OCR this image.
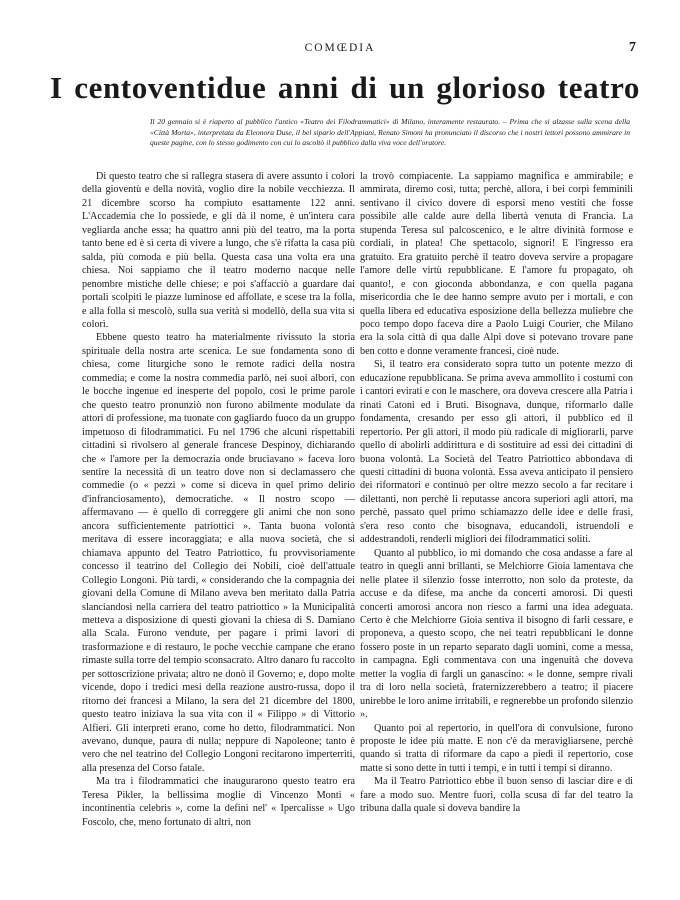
COMŒDIA	7
I centoventidue anni di un glorioso teatro

Il 20 gennaio si è riaperto al pubblico l'antico «Teatro dei Filodrammatici» di Milano, interamente restaurato. – Prima che si alzasse sulla scena della «Città Morta», interpretata da Eleonora Duse, il bel sipario dell'Appiani, Renato Simoni ha pronunciato il discorso che i nostri lettori possono ammirare in queste pagine, con lo stesso godimento con cui lo ascoltò il pubblico dalla viva voce dell'oratore.

Di questo teatro che si rallegra stasera di avere assunto i colori della gioventù e della novità, voglio dire la nobile vecchiezza. Il 21 dicembre scorso ha compiuto esattamente 122 anni. L'Accademia che lo possiede, e gli dà il nome, è un'ìntera cara vegliarda anche essa; ha quattro anni più del teatro, ma la porta tanto bene ed è sì certa di vivere a lungo, che s'è rifatta la casa più salda, più comoda e più bella. Questa casa una volta era una chiesa. Noi sappiamo che il teatro moderno nacque nelle penombre mistiche delle chiese; e poi s'affacciò a guardare dai portali scolpiti le piazze luminose ed affollate, e scese tra la folla, e alla folla si mescolò, sulla sua verità si modellò, della sua vita si colorì.

Ebbene questo teatro ha materialmente rivissuto la storia spirituale della nostra arte scenica. Le sue fondamenta sono di chiesa, come liturgiche sono le remote radici della nostra commedia; e come la nostra commedia parlò, nei suoi albori, con le bocche ingenue ed inesperte del popolo, così le prime parole che questo teatro pronunziò non furono abilmente modulate da attori di professione, ma tuonate con gagliardo fuoco da un gruppo impetuoso di filodrammatici. Fu nel 1796 che alcuni rispettabili cittadini si rivolsero al generale francese Despinoy, dichiarando che « l'amore per la democrazia onde bruciavano » faceva loro sentire la necessità di un teatro dove non si declamassero che commedie (o « pezzi » come si diceva in quel primo delirio d'infranciosamento), democratiche. « Il nostro scopo — affermavano — è quello di correggere gli animi che non sono ancora sufficientemente patriottici ». Tanta buona volontà meritava di essere incoraggiata; e alla nuova società, che si chiamava appunto del Teatro Patriottico, fu provvisoriamente concesso il teatrino del Collegio dei Nobili, cioè dell'attuale Collegio Longoni. Più tardi, « considerando che la compagnia dei giovani della Comune di Milano aveva ben meritato dalla Patria slanciandosi nella carriera del teatro patriottico » la Municipalità metteva a disposizione di questi giovani la chiesa di S. Damiano alla Scala. Furono vendute, per pagare i primi lavori di trasformazione e di restauro, le poche vecchie campane che erano rimaste sulla torre del tempio sconsacrato. Altro danaro fu raccolto per sottoscrizione privata; altro ne donò il Governo; e, dopo molte vicende, dopo i tredici mesi della reazione austro-russa, dopo il ritorno dei francesi a Milano, la sera del 21 dicembre del 1800, questo teatro iniziava la sua vita con il « Filippo » di Vittorio Alfieri. Gli interpreti erano, come ho detto, filodrammatici. Non avevano, dunque, paura di nulla; neppure di Napoleone; tanto è vero che nel teatrino del Collegio Longoni recitarono imperterriti, alla presenza del Corso fatale.

Ma tra i filodrammatici che inaugurarono questo teatro era Teresa Pikler, la bellissima moglie di Vincenzo Monti « incontinentia celebris », come la definì nel' « Ipercalisse » Ugo Foscolo, che, meno fortunato di altri, non

la trovò compiacente. La sappiamo magnifica e ammirabile; e ammirata, diremo così, tutta; perchè, allora, i bei corpi femminili sentivano il civico dovere di esporsi meno vestiti che fosse possibile alle calde aure della libertà venuta di Francia. La stupenda Teresa sul palcoscenico, e le altre divinità formose e cordiali, in platea! Che spettacolo, signori! E l'ingresso era gratuito. Era gratuito perchè il teatro doveva servire a propagare l'amore delle virtù repubblicane. E l'amore fu propagato, oh quanto!, e con gioconda abbondanza, e con quella pagana misericordia che le dee hanno sempre avuto per i mortali, e con quella libera ed educativa esposizione della bellezza muliebre che poco tempo dopo faceva dire a Paolo Luigi Courier, che Milano era la sola città di qua dalle Alpi dove si potevano trovare pane ben cotto e donne veramente francesi, cioè nude.

Sì, il teatro era considerato sopra tutto un potente mezzo di educazione repubblicana. Se prima aveva ammollito i costumi con i cantori evirati e con le maschere, ora doveva crescere alla Patria i rinati Catoni ed i Bruti. Bisognava, dunque, riformarlo dalle fondamenta, cresando per esso gli attori, il pubblico ed il repertorio. Per gli attori, il modo più radicale di migliorarli, parve quello di abolirli addirittura e di sostituire ad essi dei cittadini di buona volontà. La Società del Teatro Patriottico abbondava di questi cittadini di buona volontà. Essa aveva anticipato il pensiero dei riformatori e continuò per oltre mezzo secolo a far recitare i dilettanti, non perchè li reputasse ancora superiori agli attori, ma perchè, passato quel primo schiamazzo delle idee e delle frasi, s'era reso conto che bisognava, educandoli, istruendoli e addestrandoli, renderli migliori dei filodrammatici soliti.

Quanto al pubblico, io mi domando che cosa andasse a fare al teatro in quegli anni brillanti, se Melchiorre Gioia lamentava che nelle platee il silenzio fosse interrotto, non solo da proteste, da accuse e da difese, ma anche da concerti amorosi. Di questi concerti amorosi ancora non riesco a farmi una idea adeguata. Certo è che Melchiorre Gioia sentiva il bisogno di farli cessare, e proponeva, a questo scopo, che nei teatri repubblicani le donne fossero poste in un reparto separato dagli uomini, come a messa, in campagna. Egli commentava con una ingenuità che doveva metter la voglia di fargli un ganascino: « le donne, sempre rivali tra di loro nella società, fraternizzerebbero a teatro; il piacere unirebbe le loro anime irritabili, e regnerebbe un profondo silenzio ».

Quanto poi al repertorio, in quell'ora di convulsione, furono proposte le idee più matte. E non c'è da meravigliarsene, perchè quando si tratta di riformare da capo a piedi il repertorio, cose matte si sono dette in tutti i tempi, e in tutti i tempi si diranno.

Ma il Teatro Patriottico ebbe il buon senso di lasciar dire e di fare a modo suo. Mentre fuori, colla scusa di far del teatro la tribuna dalla quale si doveva bandire la
